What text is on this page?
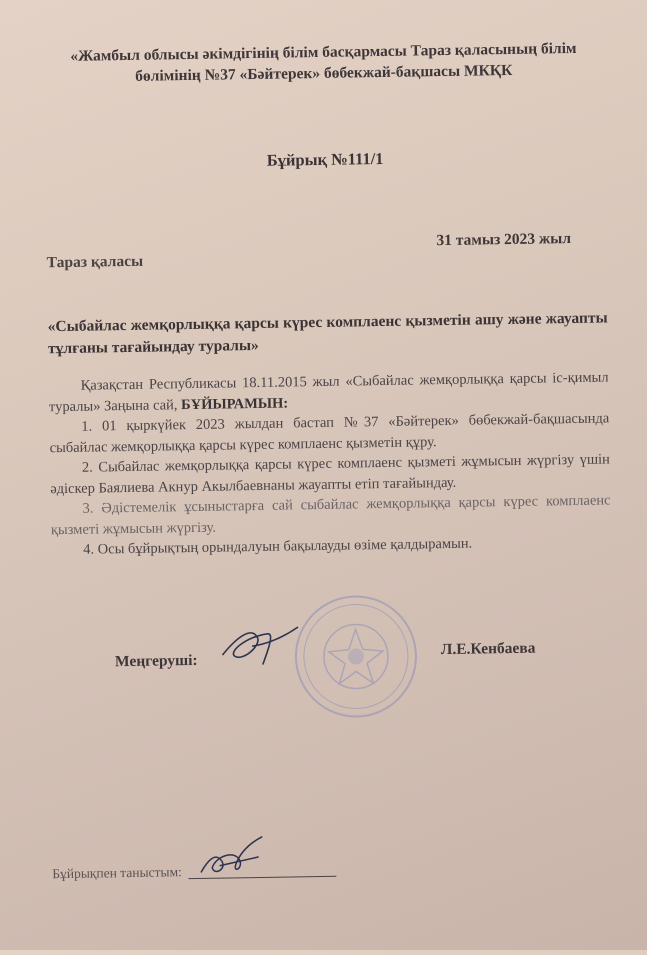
«Жамбыл облысы әкімдігінің білім басқармасы Тараз қаласының білім
бөлімінің №37 «Бәйтерек» бөбекжай-бақшасы МКҚК
Бұйрық №111/1
Тараз қаласы
31 тамыз 2023 жыл
«Сыбайлас жемқорлыққа қарсы күрес комплаенс қызметін ашу және жауапты тұлғаны тағайындау туралы»

Қазақстан Республикасы 18.11.2015 жыл «Сыбайлас жемқорлыққа қарсы іс-қимыл туралы» Заңына сай, БҰЙЫРАМЫН:

1. 01 қыркүйек 2023 жылдан бастап №37 «Бәйтерек» бөбекжай-бақшасында сыбайлас жемқорлыққа қарсы күрес комплаенс қызметін құру.

2. Сыбайлас жемқорлыққа қарсы күрес комплаенс қызметі жұмысын жүргізу үшін әдіскер Баялиева Акнур Акылбаевнаны жауапты етіп тағайындау.

3. Әдістемелік ұсыныстарға сай сыбайлас жемқорлыққа қарсы күрес комплаенс қызметі жұмысын жүргізу.

4. Осы бұйрықтың орындалуын бақылауды өзіме қалдырамын.

Меңгеруші:
Л.Е.Кенбаева
Бұйрықпен таныстым:
